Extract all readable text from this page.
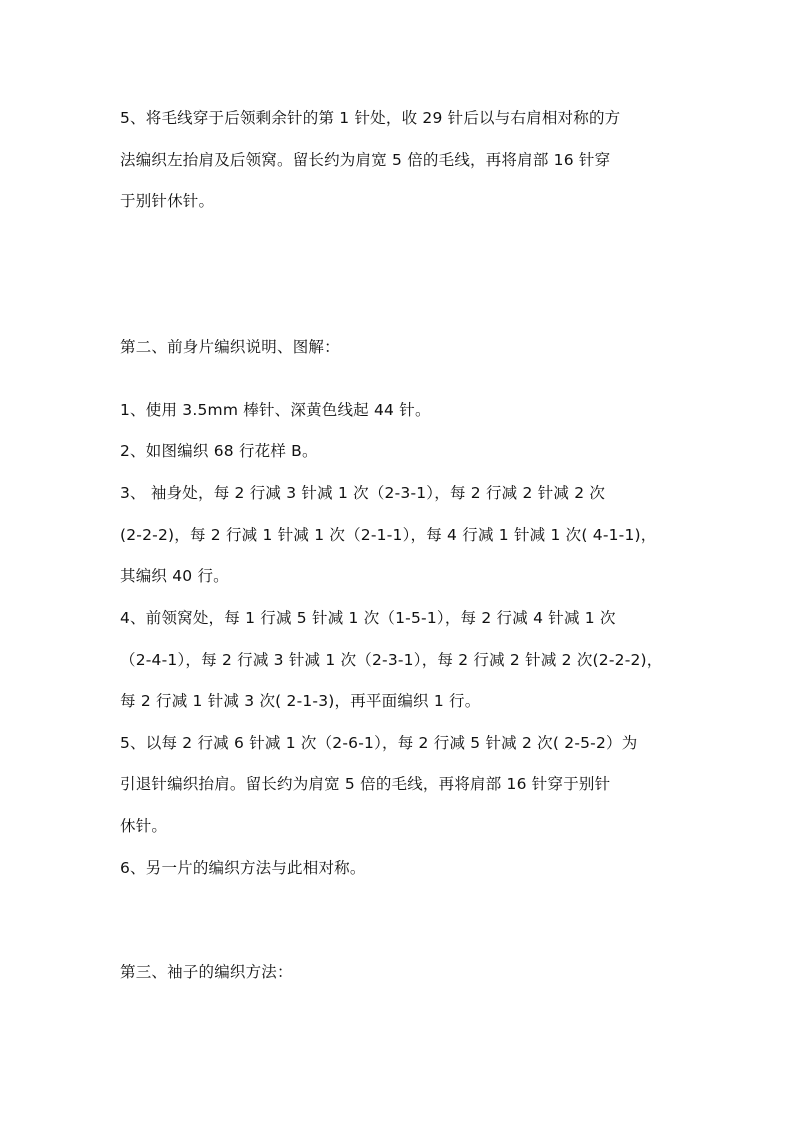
5、将毛线穿于后领剩余针的第 1 针处，收 29 针后以与右肩相对称的方
法编织左抬肩及后领窝。留长约为肩宽 5 倍的毛线，再将肩部 16 针穿
于别针休针。
第二、前身片编织说明、图解：
1、使用 3.5mm 棒针、深黄色线起 44 针。
2、如图编织 68 行花样 B。
3、 袖身处，每 2 行减 3 针减 1 次（2-3-1），每 2 行减 2 针减 2 次
(2-2-2)，每 2 行减 1 针减 1 次（2-1-1），每 4 行减 1 针减 1 次( 4-1-1)，
其编织 40 行。
4、前领窝处，每 1 行减 5 针减 1 次（1-5-1），每 2 行减 4 针减 1 次
（2-4-1），每 2 行减 3 针减 1 次（2-3-1），每 2 行减 2 针减 2 次(2-2-2)，
每 2 行减 1 针减 3 次( 2-1-3)，再平面编织 1 行。
5、以每 2 行减 6 针减 1 次（2-6-1），每 2 行减 5 针减 2 次( 2-5-2）为
引退针编织抬肩。留长约为肩宽 5 倍的毛线，再将肩部 16 针穿于别针
休针。
6、另一片的编织方法与此相对称。
第三、袖子的编织方法：
